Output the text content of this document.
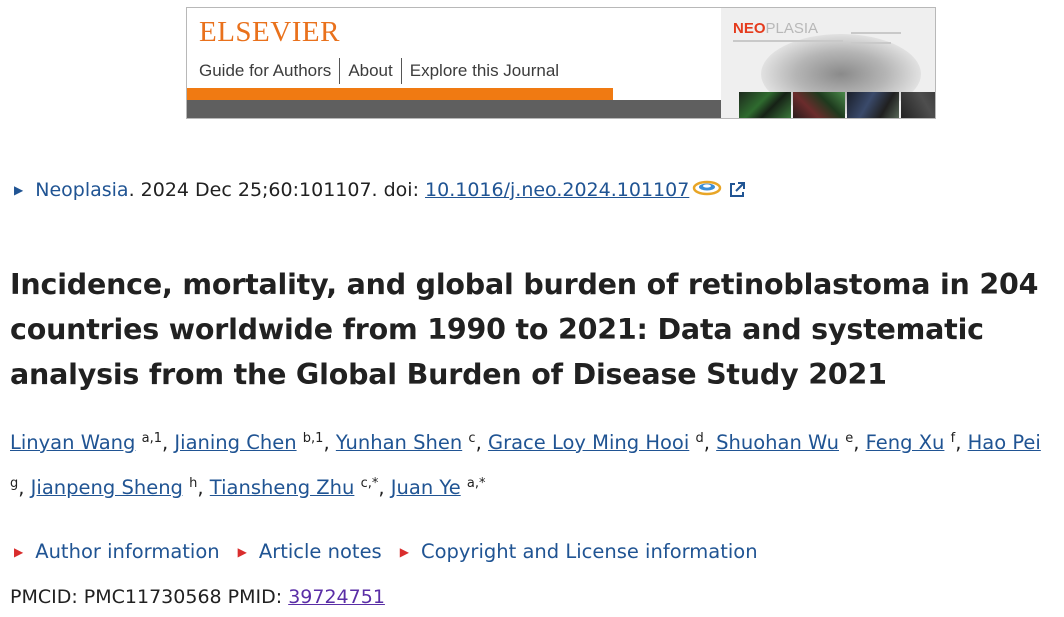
ELSEVIER
Guide for Authors	About	Explore this Journal
NEOPLASIA
▶ Neoplasia . 2024 Dec 25;60:101107. doi: 10.1016/j.neo.2024.101107
Incidence, mortality, and global burden of retinoblastoma in 204 countries worldwide from 1990 to 2021: Data and systematic analysis from the Global Burden of Disease Study 2021
Linyan Wang $^{a,1}$, Jianing Chen $^{b,1}$, Yunhan Shen $^c$, Grace Loy Ming Hooi $^d$, Shuohan Wu $^e$, Feng Xu $^f$, Hao Pei $^g$, Jianpeng Sheng $^h$, Tiansheng Zhu $^{c,*}$, Juan Ye $^{a,*}$
▶ Author information ▶ Article notes ▶ Copyright and License information
PMCID: PMC11730568 PMID: 39724751
